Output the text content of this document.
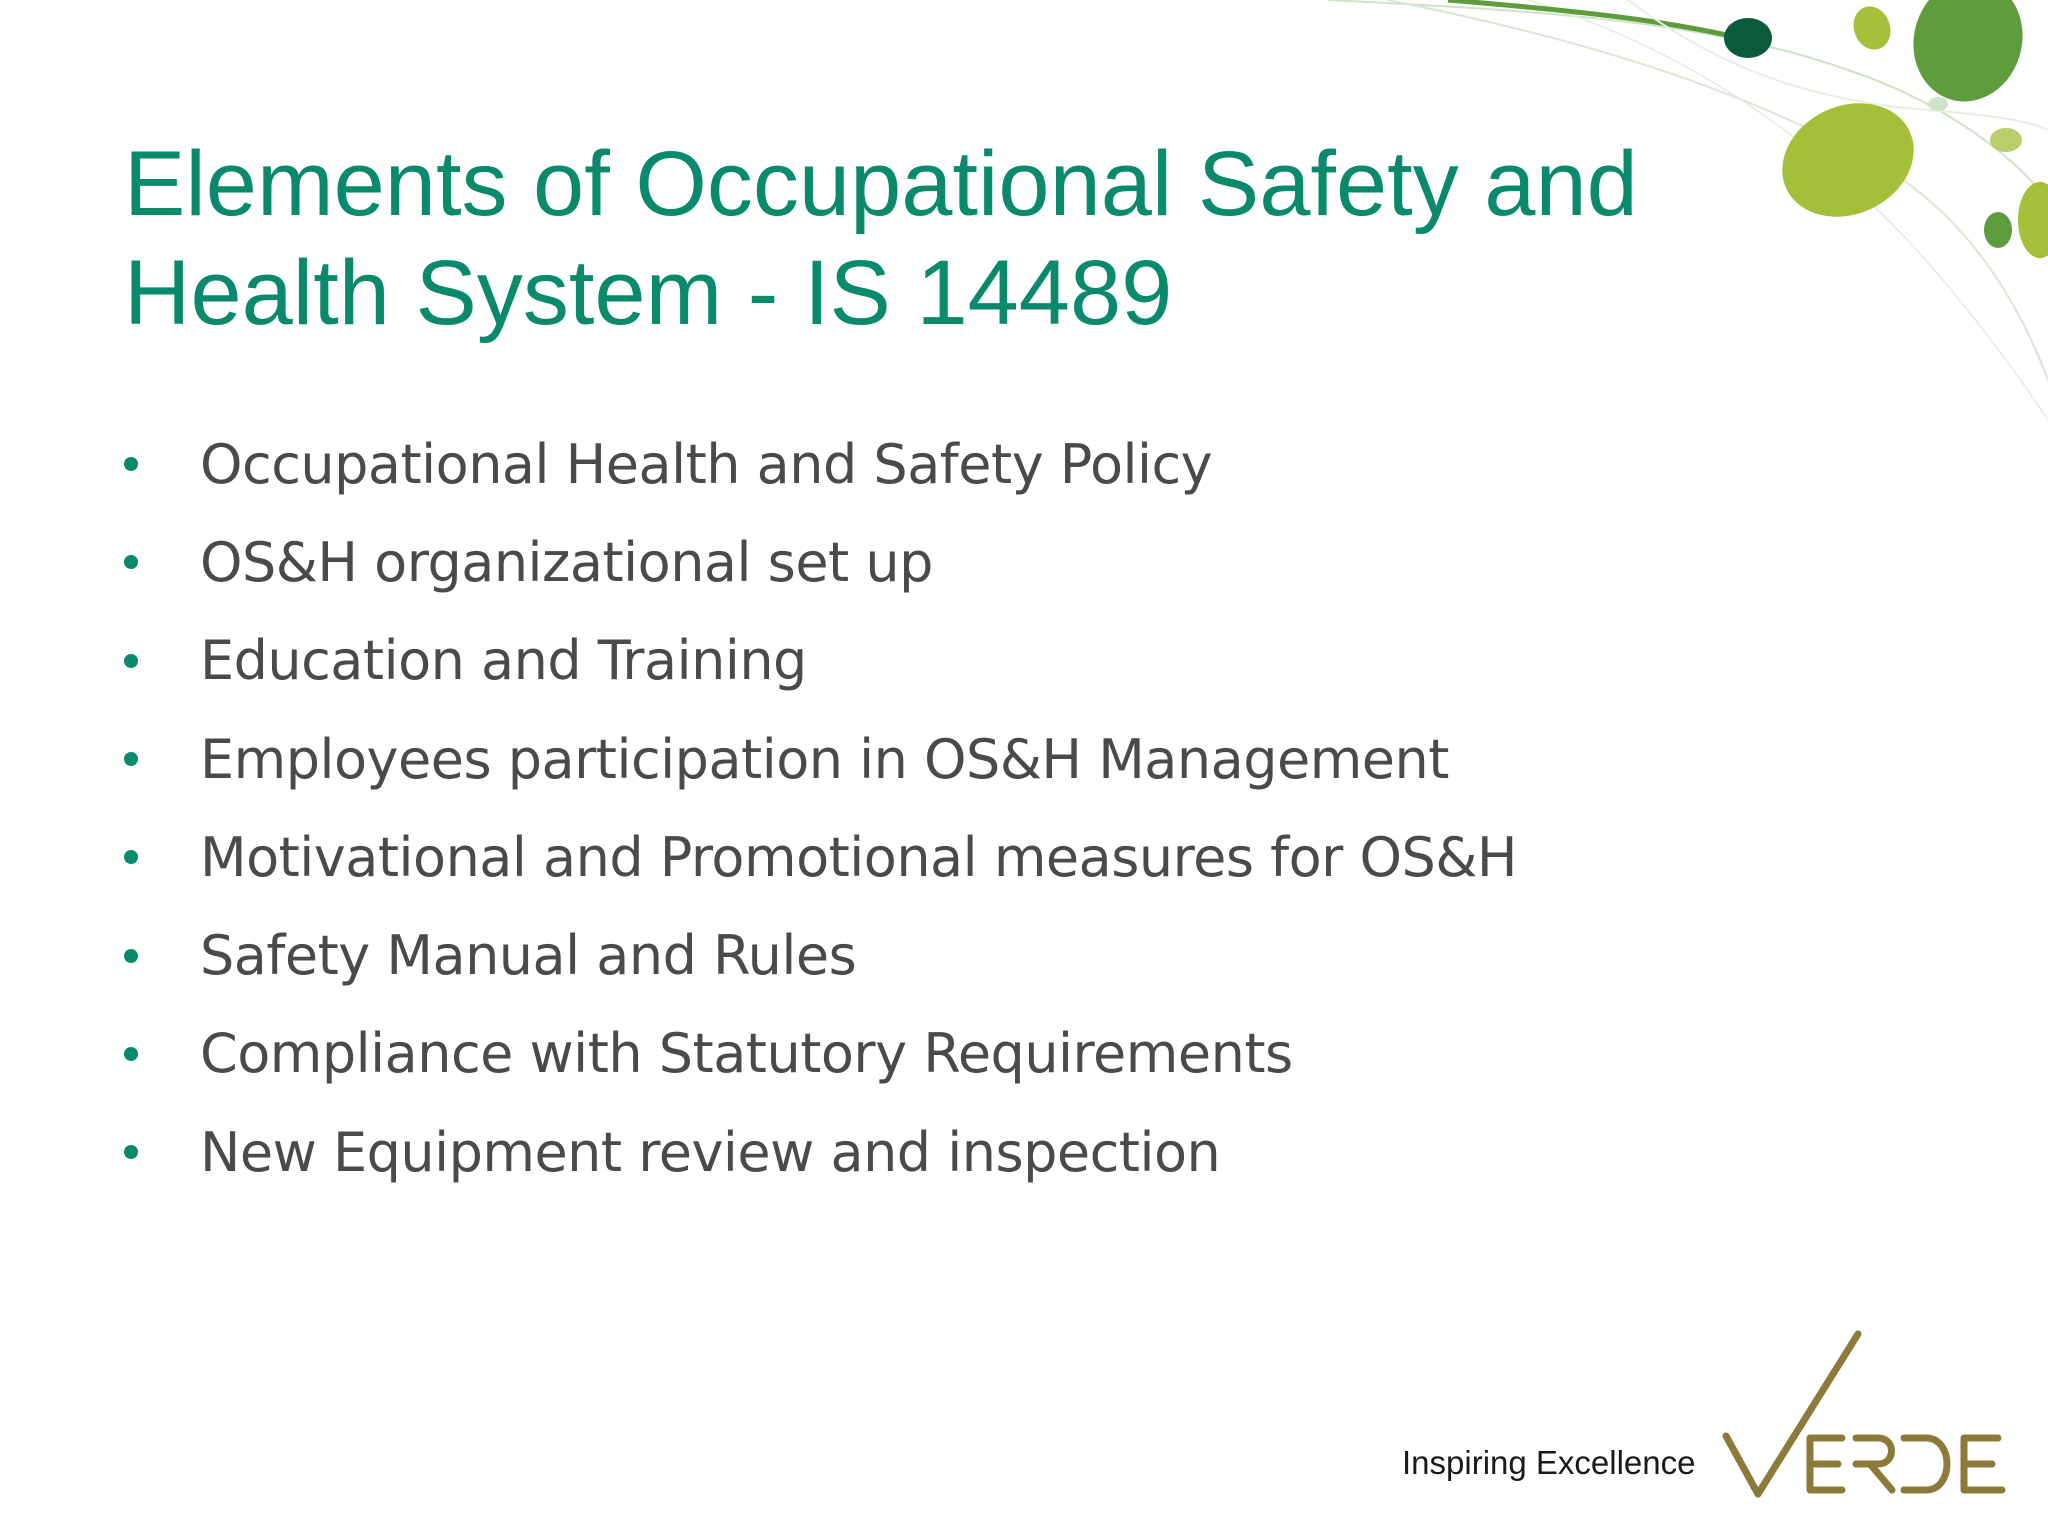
Elements of Occupational Safety and
Health System - IS 14489
Occupational Health and Safety Policy
OS&H organizational set up
Education and Training
Employees participation in OS&H Management
Motivational and Promotional measures for OS&H
Safety Manual and Rules
Compliance with Statutory Requirements
New Equipment review and inspection
Inspiring Excellence
